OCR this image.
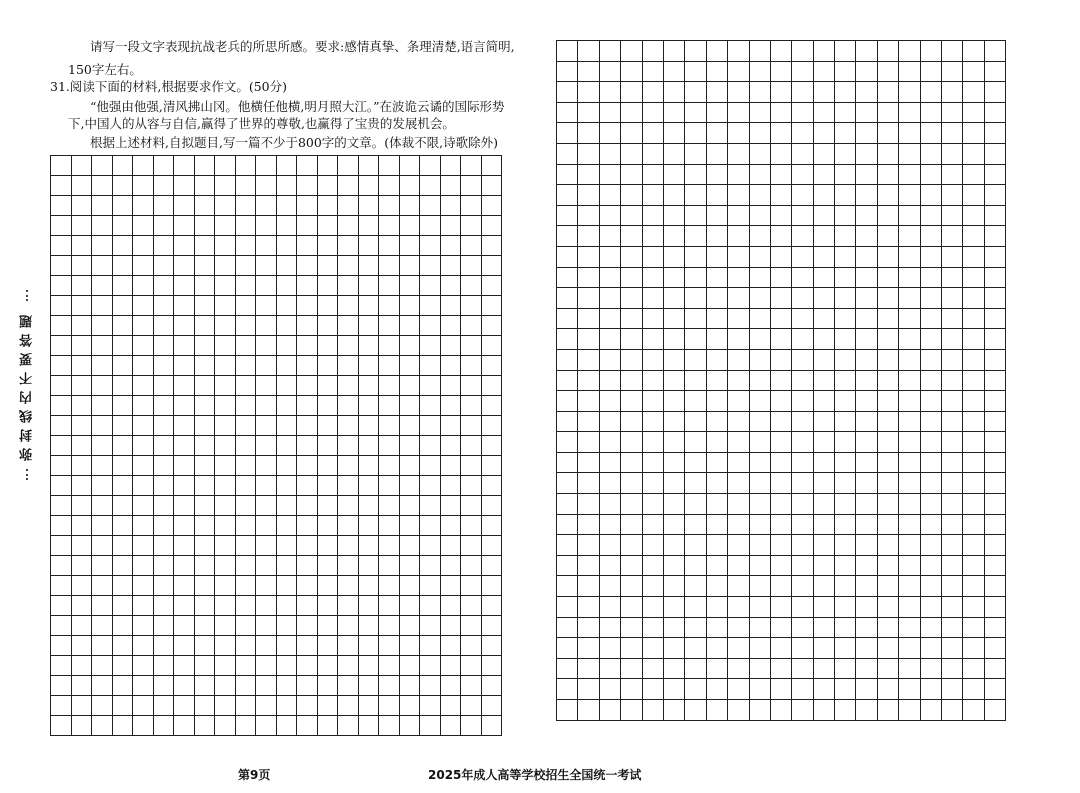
弥封线内不要答题
请写一段文字表现抗战老兵的所思所感。要求:感情真挚、条理清楚,语言简明,
150字左右。
31.阅读下面的材料,根据要求作文。(50分)
“他强由他强,清风拂山冈。他横任他横,明月照大江。”在波诡云谲的国际形势
下,中国人的从容与自信,赢得了世界的尊敬,也赢得了宝贵的发展机会。
根据上述材料,自拟题目,写一篇不少于800字的文章。(体裁不限,诗歌除外)

第9页	2025年成人高等学校招生全国统一考试
